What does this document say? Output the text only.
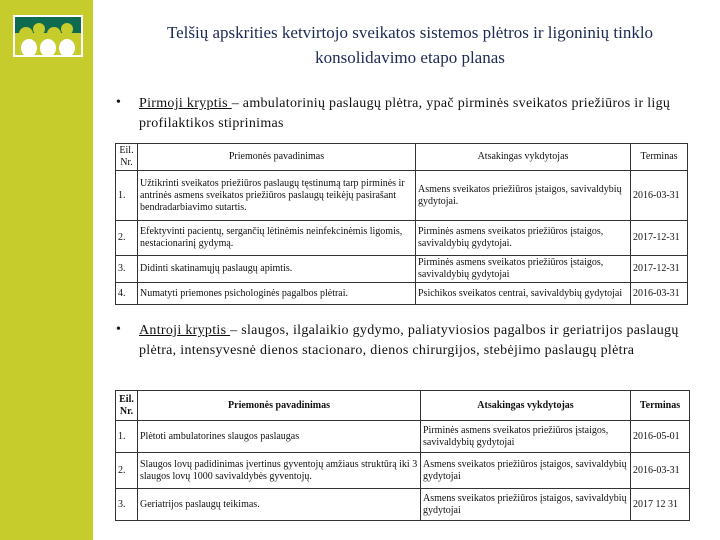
Telšių apskrities ketvirtojo sveikatos sistemos plėtros ir ligoninių tinklo konsolidavimo etapo planas
• Pirmoji kryptis – ambulatorinių paslaugų plėtra, ypač pirminės sveikatos priežiūros ir ligų profilaktikos stiprinimas
Eil. Nr.	Priemonės pavadinimas	Atsakingas vykdytojas	Terminas
1.	Užtikrinti sveikatos priežiūros paslaugų tęstinumą tarp pirminės ir antrinės asmens sveikatos priežiūros paslaugų teikėjų pasirašant bendradarbiavimo sutartis.	Asmens sveikatos priežiūros įstaigos, savivaldybių gydytojai.	2016-03-31
2.	Efektyvinti pacientų, sergančių lėtinėmis neinfekcinėmis ligomis, nestacionarinį gydymą.	Pirminės asmens sveikatos priežiūros įstaigos, savivaldybių gydytojai.	2017-12-31
3.	Didinti skatinamųjų paslaugų apimtis.	Pirminės asmens sveikatos priežiūros įstaigos, savivaldybių gydytojai	2017-12-31
4.	Numatyti priemones psichologinės pagalbos plėtrai.	Psichikos sveikatos centrai, savivaldybių gydytojai	2016-03-31
• Antroji kryptis – slaugos, ilgalaikio gydymo, paliatyviosios pagalbos ir geriatrijos paslaugų plėtra, intensyvesnė dienos stacionaro, dienos chirurgijos, stebėjimo paslaugų plėtra
Eil. Nr.	Priemonės pavadinimas	Atsakingas vykdytojas	Terminas
1.	Plėtoti ambulatorines slaugos paslaugas	Pirminės asmens sveikatos priežiūros įstaigos, savivaldybių gydytojai	2016-05-01
2.	Slaugos lovų padidinimas įvertinus gyventojų amžiaus struktūrą iki 3 slaugos lovų 1000 savivaldybės gyventojų.	Asmens sveikatos priežiūros įstaigos, savivaldybių gydytojai	2016-03-31
3.	Geriatrijos paslaugų teikimas.	Asmens sveikatos priežiūros įstaigos, savivaldybių gydytojai	2017 12 31
